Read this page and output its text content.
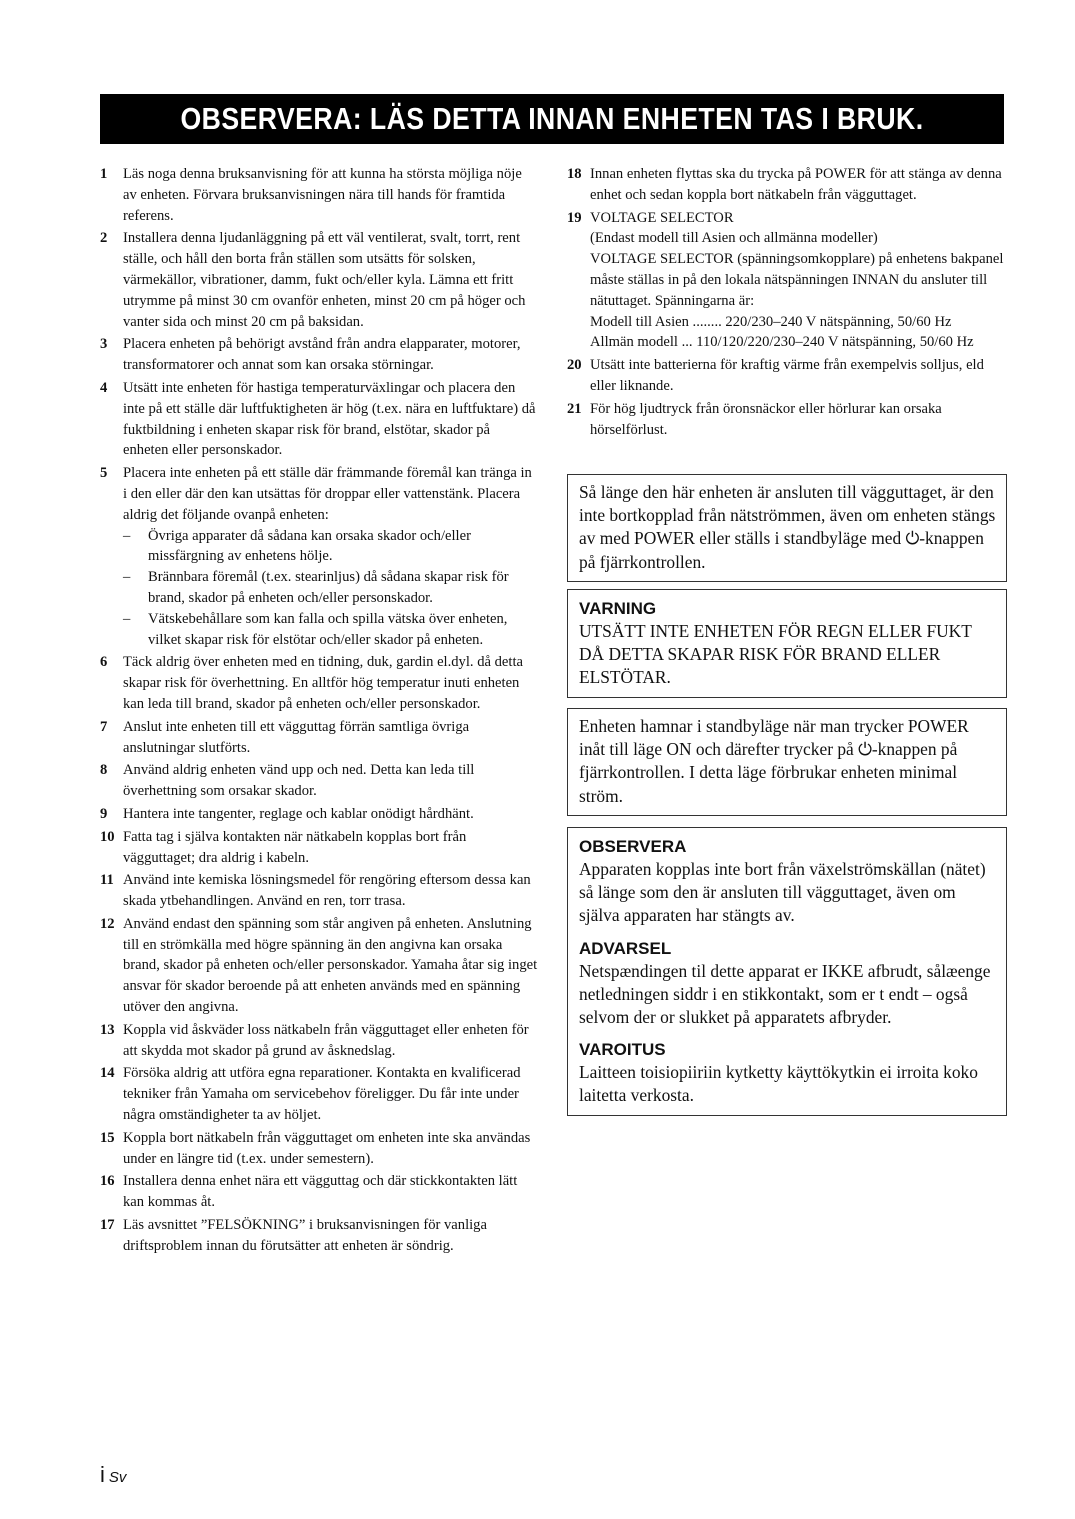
OBSERVERA: LÄS DETTA INNAN ENHETEN TAS I BRUK.
1	Läs noga denna bruksanvisning för att kunna ha största möjliga nöje av enheten. Förvara bruksanvisningen nära till hands för framtida referens.
2	Installera denna ljudanläggning på ett väl ventilerat, svalt, torrt, rent ställe, och håll den borta från ställen som utsätts för solsken, värmekällor, vibrationer, damm, fukt och/eller kyla. Lämna ett fritt utrymme på minst 30 cm ovanför enheten, minst 20 cm på höger och vanter sida och minst 20 cm på baksidan.
3	Placera enheten på behörigt avstånd från andra elapparater, motorer, transformatorer och annat som kan orsaka störningar.
4	Utsätt inte enheten för hastiga temperaturväxlingar och placera den inte på ett ställe där luftfuktigheten är hög (t.ex. nära en luftfuktare) då fuktbildning i enheten skapar risk för brand, elstötar, skador på enheten eller personskador.
5	Placera inte enheten på ett ställe där främmande föremål kan tränga in i den eller där den kan utsättas för droppar eller vattenstänk. Placera aldrig det följande ovanpå enheten:
–	Övriga apparater då sådana kan orsaka skador och/eller missfärgning av enhetens hölje.
–	Brännbara föremål (t.ex. stearinljus) då sådana skapar risk för brand, skador på enheten och/eller personskador.
–	Vätskebehållare som kan falla och spilla vätska över enheten, vilket skapar risk för elstötar och/eller skador på enheten.
6	Täck aldrig över enheten med en tidning, duk, gardin el.dyl. då detta skapar risk för överhettning. En alltför hög temperatur inuti enheten kan leda till brand, skador på enheten och/eller personskador.
7	Anslut inte enheten till ett vägguttag förrän samtliga övriga anslutningar slutförts.
8	Använd aldrig enheten vänd upp och ned. Detta kan leda till överhettning som orsakar skador.
9	Hantera inte tangenter, reglage och kablar onödigt hårdhänt.
10 Fatta tag i själva kontakten när nätkabeln kopplas bort från vägguttaget; dra aldrig i kabeln.
11 Använd inte kemiska lösningsmedel för rengöring eftersom dessa kan skada ytbehandlingen. Använd en ren, torr trasa.
12 Använd endast den spänning som står angiven på enheten. Anslutning till en strömkälla med högre spänning än den angivna kan orsaka brand, skador på enheten och/eller personskador. Yamaha åtar sig inget ansvar för skador beroende på att enheten används med en spänning utöver den angivna.
13 Koppla vid åskväder loss nätkabeln från vägguttaget eller enheten för att skydda mot skador på grund av åsknedslag.
14 Försöka aldrig att utföra egna reparationer. Kontakta en kvalificerad tekniker från Yamaha om servicebehov föreligger. Du får inte under några omständigheter ta av höljet.
15 Koppla bort nätkabeln från vägguttaget om enheten inte ska användas under en längre tid (t.ex. under semestern).
16 Installera denna enhet nära ett vägguttag och där stickkontakten lätt kan kommas åt.
17 Läs avsnittet ”FELSÖKNING” i bruksanvisningen för vanliga driftsproblem innan du förutsätter att enheten är söndrig.
18 Innan enheten flyttas ska du trycka på POWER för att stänga av denna enhet och sedan koppla bort nätkabeln från vägguttaget.
19 VOLTAGE SELECTOR
(Endast modell till Asien och allmänna modeller)
VOLTAGE SELECTOR (spänningsomkopplare) på enhetens bakpanel måste ställas in på den lokala nätspänningen INNAN du ansluter till nätuttaget. Spänningarna är:
Modell till Asien ........ 220/230–240 V nätspänning, 50/60 Hz
Allmän modell ... 110/120/220/230–240 V nätspänning, 50/60 Hz
20 Utsätt inte batterierna för kraftig värme från exempelvis solljus, eld eller liknande.
21 För hög ljudtryck från öronsnäckor eller hörlurar kan orsaka hörselförlust.

Så länge den här enheten är ansluten till vägguttaget, är den inte bortkopplad från nätströmmen, även om enheten stängs av med POWER eller ställs i standbyläge med ⏻-knappen på fjärrkontrollen.

VARNING

UTSÄTT INTE ENHETEN FÖR REGN ELLER FUKT DÅ DETTA SKAPAR RISK FÖR BRAND ELLER ELSTÖTAR.

Enheten hamnar i standbyläge när man trycker POWER inåt till läge ON och därefter trycker på ⏻-knappen på fjärrkontrollen. I detta läge förbrukar enheten minimal ström.

OBSERVERA

Apparaten kopplas inte bort från växelströmskällan (nätet) så länge som den är ansluten till vägguttaget, även om själva apparaten har stängts av.

ADVARSEL

Netspændingen til dette apparat er IKKE afbrudt, sålæenge netledningen siddr i en stikkontakt, som er t endt – også selvom der or slukket på apparatets afbryder.

VAROITUS

Laitteen toisiopiiriin kytketty käyttökytkin ei irroita koko laitetta verkosta.

i Sv
